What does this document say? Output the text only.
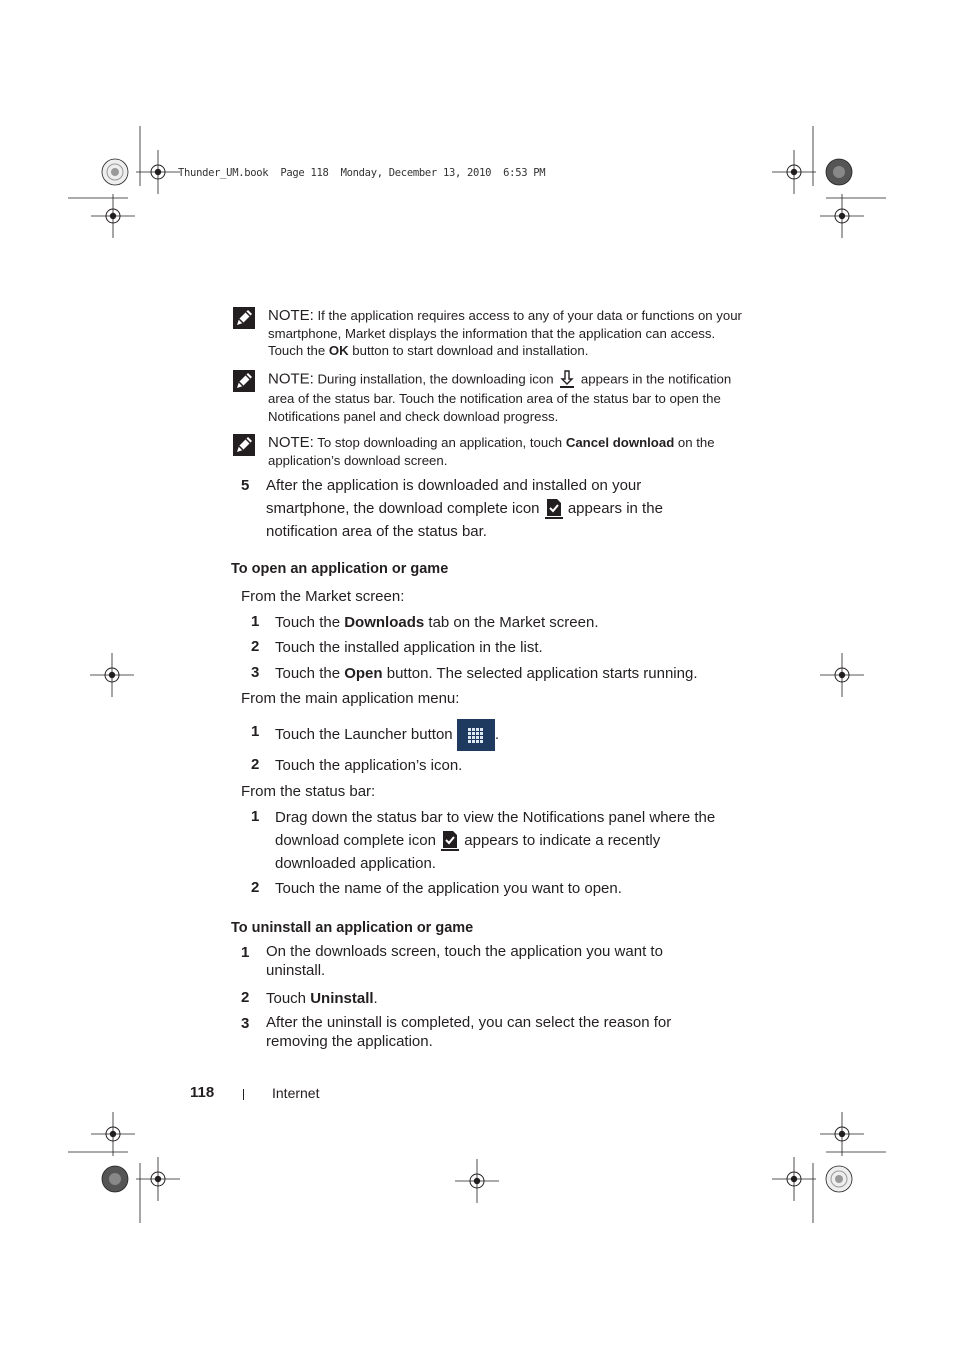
Thunder_UM.book  Page 118  Monday, December 13, 2010  6:53 PM
NOTE: If the application requires access to any of your data or functions on your smartphone, Market displays the information that the application can access. Touch the OK button to start download and installation.
NOTE: During installation, the downloading icon  appears in the notification area of the status bar. Touch the notification area of the status bar to open the Notifications panel and check download progress.
NOTE: To stop downloading an application, touch Cancel download on the application’s download screen.
5 After the application is downloaded and installed on your smartphone, the download complete icon  appears in the notification area of the status bar.
To open an application or game
From the Market screen:
1 Touch the Downloads tab on the Market screen.
2 Touch the installed application in the list.
3 Touch the Open button. The selected application starts running.
From the main application menu:
1 Touch the Launcher button	.
2 Touch the application’s icon.
From the status bar:
1 Drag down the status bar to view the Notifications panel where the download complete icon  appears to indicate a recently downloaded application.
2 Touch the name of the application you want to open.
To uninstall an application or game
1 On the downloads screen, touch the application you want to uninstall.
2 Touch Uninstall.
3 After the uninstall is completed, you can select the reason for removing the application.
118	Internet
